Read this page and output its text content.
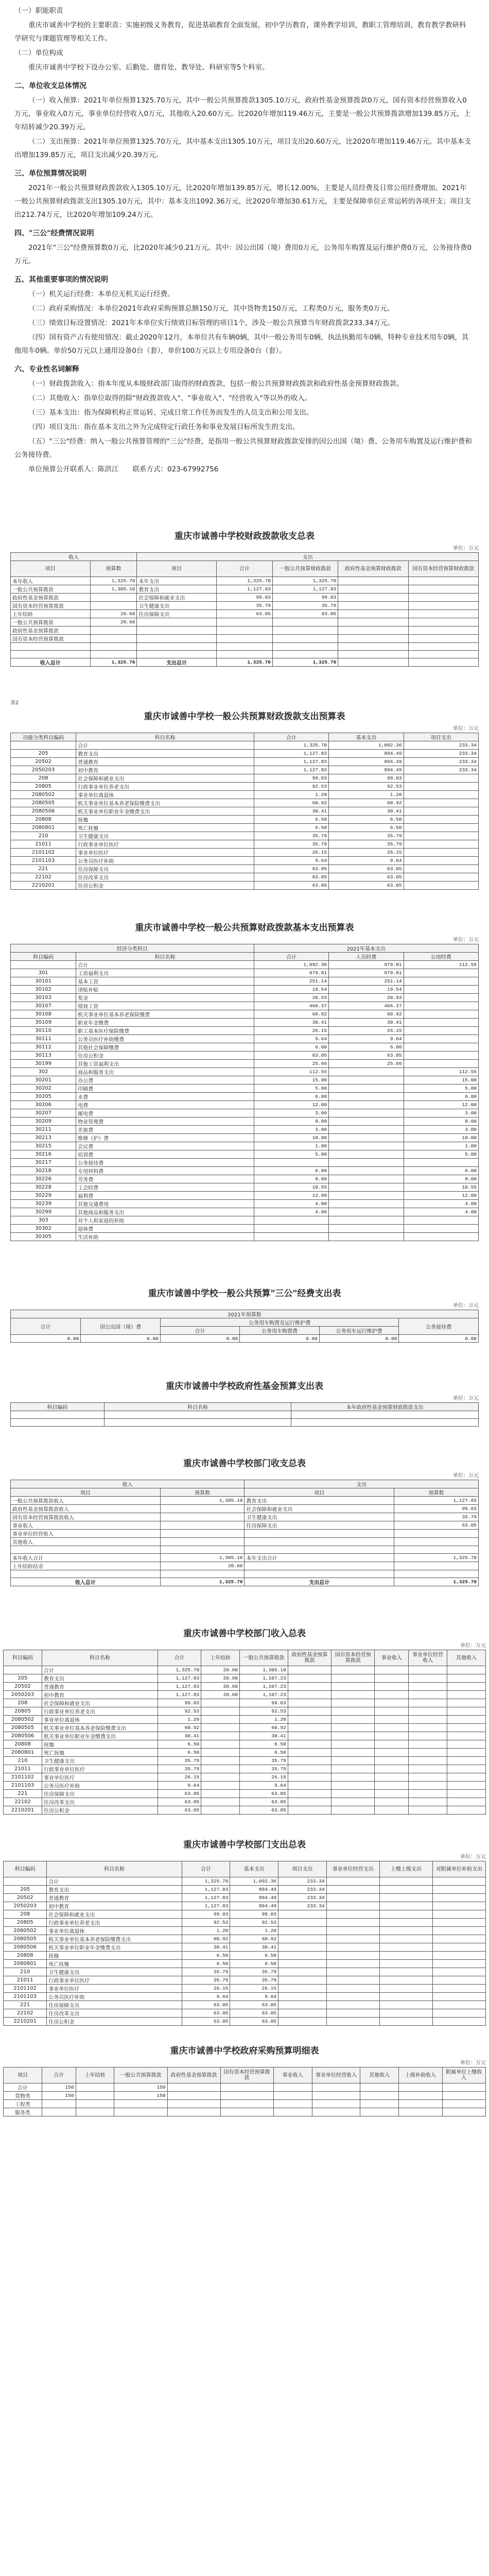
（一）职能职责

重庆市诚善中学校的主要职责：实施初级义务教育，促进基础教育全面发展，初中学历教育，课外教学培训，教职工管理培训，教育教学教研科学研究与课题管理等相关工作。

（二）单位构成

重庆市诚善中学校下设办公室、后勤处、德育处、教导处、科研室等5个科室。

二、单位收支总体情况

（一）收入预算：2021年单位预算1325.70万元，其中一般公共预算拨款1305.10万元，政府性基金预算拨款0万元，国有资本经营预算收入0万元，事业收入0万元，事业单位经营收入0万元，其他收入20.60万元。比2020年增加119.46万元，主要是一般公共预算拨款增加139.85万元，上年结转减少20.39万元。

（二）支出预算：2021年单位预算1325.70万元，其中基本支出1305.10万元，项目支出20.60万元，比2020年增加119.46万元。其中基本支出增加139.85万元，项目支出减少20.39万元。

三、单位预算情况说明

2021年一般公共预算财政拨款收入1305.10万元，比2020年增加139.85万元，增长12.00%，主要是人员经费及日常公用经费增加。2021年一般公共预算财政拨款支出1305.10万元，其中：基本支出1092.36万元，比2020年增加30.61万元，主要是保障单位正常运转的各项开支；项目支出212.74万元，比2020年增加109.24万元。

四、"三公"经费情况说明

2021年"三公"经费预算数0万元，比2020年减少0.21万元。其中：因公出国（境）费用0万元，公务用车购置及运行维护费0万元，公务接待费0万元。

五、其他重要事项的情况说明

（一）机关运行经费：本单位无机关运行经费。

（二）政府采购情况：本单位2021年政府采购预算总额150万元，其中货物类150万元，工程类0万元，服务类0万元。

（三）绩效目标设置情况：2021年本单位实行绩效目标管理的项目1个，涉及一般公共预算当年财政拨款233.34万元。

（四）国有资产占有使用情况：截止2020年12月，本单位共有车辆0辆，其中一般公务用车0辆，执法执勤用车0辆，特种专业技术用车0辆，其他用车0辆。单价50万元以上通用设备0台（套），单价100万元以上专用设备0台（套）。

六、专业性名词解释

（一）财政拨款收入：指本年度从本级财政部门取得的财政拨款，包括一般公共预算财政拨款和政府性基金预算财政拨款。

（二）其他收入：指单位取得的除"财政拨款收入"、"事业收入"、"经营收入"等以外的收入。

（三）基本支出：指为保障机构正常运转、完成日常工作任务而发生的人员支出和公用支出。

（四）项目支出：指在基本支出之外为完成特定行政任务和事业发展目标所发生的支出。

（五）"三公"经费：纳入一般公共预算管理的"三公"经费，是指用一般公共预算财政拨款安排的因公出国（境）费、公务用车购置及运行维护费和公务接待费。

单位预算公开联系人：陈洪江　　联系方式：023-67992756

重庆市诚善中学校财政拨款收支总表
单位：万元
收入		支出				
项目	预算数	项目	合计	一般公共预算财政拨款	政府性基金预算财政拨款	国有资本经营预算财政拨款
本年收入	1,325.70	本年支出	1,325.70	1,325.70		
一般公共预算拨款	1,305.10	教育支出	1,127.83	1,127.83		
政府性基金预算拨款		社会保障和就业支出	99.03	99.03		
国有资本经营预算拨款		卫生健康支出	35.79	35.79		
上年结转	20.60	住房保障支出	63.05	63.05		
一般公共预算拨款	20.60					
政府性基金预算拨款						
国有资本经营预算拨款						

收入总计	1,325.70	支出总计	1,325.70	1,325.70		
表2
重庆市诚善中学校一般公共预算财政拨款支出预算表
单位：万元
功能分类科目编码	科目名称	合计	基本支出	项目支出
	合计	1,325.70	1,092.36	233.34
205	教育支出	1,127.83	894.49	233.34
20502	普通教育	1,127.83	894.49	233.34
2050203	初中教育	1,127.83	894.49	233.34
208	社会保障和就业支出	99.03	99.03	
20805	行政事业单位养老支出	92.53	92.53	
2080502	事业单位离退休	1.20	1.20	
2080505	机关事业单位基本养老保险缴费支出	60.92	60.92	
2080506	机关事业单位职业年金缴费支出	30.41	30.41	
20808	抚恤	6.50	6.50	
2080801	死亡抚恤	6.50	6.50	
210	卫生健康支出	35.79	35.79	
21011	行政事业单位医疗	35.79	35.79	
2101102	事业单位医疗	26.15	26.15	
2101103	公务员医疗补助	9.64	9.64	
221	住房保障支出	63.05	63.05	
22102	住房改革支出	63.05	63.05	
2210201	住房公积金	63.05	63.05	
重庆市诚善中学校一般公共预算财政拨款基本支出预算表
单位：万元
经济分类科目		2021年基本支出		
科目编码	科目名称	合计	人员经费	公用经费
	合计	1,092.36	979.81	112.55
301	工资福利支出	979.81	979.81	
30101	基本工资	251.14	251.14	
30102	津贴补贴	19.54	19.54	
30103	奖金	20.93	20.93	
30107	绩效工资	466.37	466.37	
30108	机关事业单位基本养老保险缴费	60.92	60.92	
30109	职业年金缴费	30.41	30.41	
30110	职工基本医疗保险缴费	26.15	26.15	
30111	公务员医疗补助缴费	9.64	9.64	
30112	其他社会保障缴费	6.00	6.00	
30113	住房公积金	63.05	63.05	
30199	其他工资福利支出	25.66	25.66	
302	商品和服务支出	112.55		112.55
30201	办公费	15.00		15.00
30202	印刷费	5.00		5.00
30205	水费	6.00		6.00
30206	电费	12.00		12.00
30207	邮电费	3.00		3.00
30209	物业管理费	8.00		8.00
30211	差旅费	3.00		3.00
30213	维修（护）费	10.00		10.00
30215	会议费	1.00		1.00
30216	培训费	5.00		5.00
30217	公务接待费			
30218	专用材料费	6.00		6.00
30226	劳务费	8.00		8.00
30228	工会经费	10.55		10.55
30229	福利费	12.00		12.00
30239	其他交通费用	4.00		4.00
30299	其他商品和服务支出	4.00		4.00
303	对个人和家庭的补助			
30302	退休费			
30305	生活补助			
重庆市诚善中学校一般公共预算"三公"经费支出表
单位：万元
2021年预算数					
合计	因公出国（境）费	公务用车购置及运行维护费			公务接待费
		合计	公务用车购置费	公务用车运行维护费	
0.00	0.00	0.00	0.00	0.00	0.00
重庆市诚善中学校政府性基金预算支出表
单位：万元
科目编码	科目名称	本年政府性基金预算财政拨款支出

重庆市诚善中学校部门收支总表
单位：万元
收入		支出	
项目	预算数	项目	预算数
一般公共预算拨款收入	1,305.10	教育支出	1,127.83
政府性基金预算拨款收入		社会保障和就业支出	99.03
国有资本经营预算拨款收入		卫生健康支出	35.79
事业收入		住房保障支出	63.05
事业单位经营收入			
其他收入			

本年收入合计	1,305.10	本年支出合计	1,325.70
上年结转结余	20.60		

收入总计	1,325.70	支出总计	1,325.70
重庆市诚善中学校部门收入总表
单位：万元
科目编码	科目名称	合计	上年结转	一般公共预算拨款	政府性基金预算拨款	国有资本经营预算拨款	事业收入	事业单位经营收入	其他收入
	合计	1,325.70	20.60	1,305.10					
205	教育支出	1,127.83	20.60	1,107.23					
20502	普通教育	1,127.83	20.60	1,107.23					
2050203	初中教育	1,127.83	20.60	1,107.23					
208	社会保障和就业支出	99.03		99.03					
20805	行政事业单位养老支出	92.53		92.53					
2080502	事业单位离退休	1.20		1.20					
2080505	机关事业单位基本养老保险缴费支出	60.92		60.92					
2080506	机关事业单位职业年金缴费支出	30.41		30.41					
20808	抚恤	6.50		6.50					
2080801	死亡抚恤	6.50		6.50					
210	卫生健康支出	35.79		35.79					
21011	行政事业单位医疗	35.79		35.79					
2101102	事业单位医疗	26.15		26.15					
2101103	公务员医疗补助	9.64		9.64					
221	住房保障支出	63.05		63.05					
22102	住房改革支出	63.05		63.05					
2210201	住房公积金	63.05		63.05					
重庆市诚善中学校部门支出总表
单位：万元
科目编码	科目名称	合计	基本支出	项目支出	事业单位经营支出	上缴上级支出	对附属单位补助支出
	合计	1,325.70	1,092.36	233.34			
205	教育支出	1,127.83	894.49	233.34			
20502	普通教育	1,127.83	894.49	233.34			
2050203	初中教育	1,127.83	894.49	233.34			
208	社会保障和就业支出	99.03	99.03				
20805	行政事业单位养老支出	92.53	92.53				
2080502	事业单位离退休	1.20	1.20				
2080505	机关事业单位基本养老保险缴费支出	60.92	60.92				
2080506	机关事业单位职业年金缴费支出	30.41	30.41				
20808	抚恤	6.50	6.50				
2080801	死亡抚恤	6.50	6.50				
210	卫生健康支出	35.79	35.79				
21011	行政事业单位医疗	35.79	35.79				
2101102	事业单位医疗	26.15	26.15				
2101103	公务员医疗补助	9.64	9.64				
221	住房保障支出	63.05	63.05				
22102	住房改革支出	63.05	63.05				
2210201	住房公积金	63.05	63.05				
重庆市诚善中学校政府采购预算明细表
单位：万元
项目	合计	上年结转	一般公共预算拨款	政府性基金预算拨款	国有资本经营预算拨款	事业收入	事业单位经营收入	其他收入	上级补助收入	附属单位上缴收入
合计	150		150							
货物类	150		150							
工程类										
服务类										
